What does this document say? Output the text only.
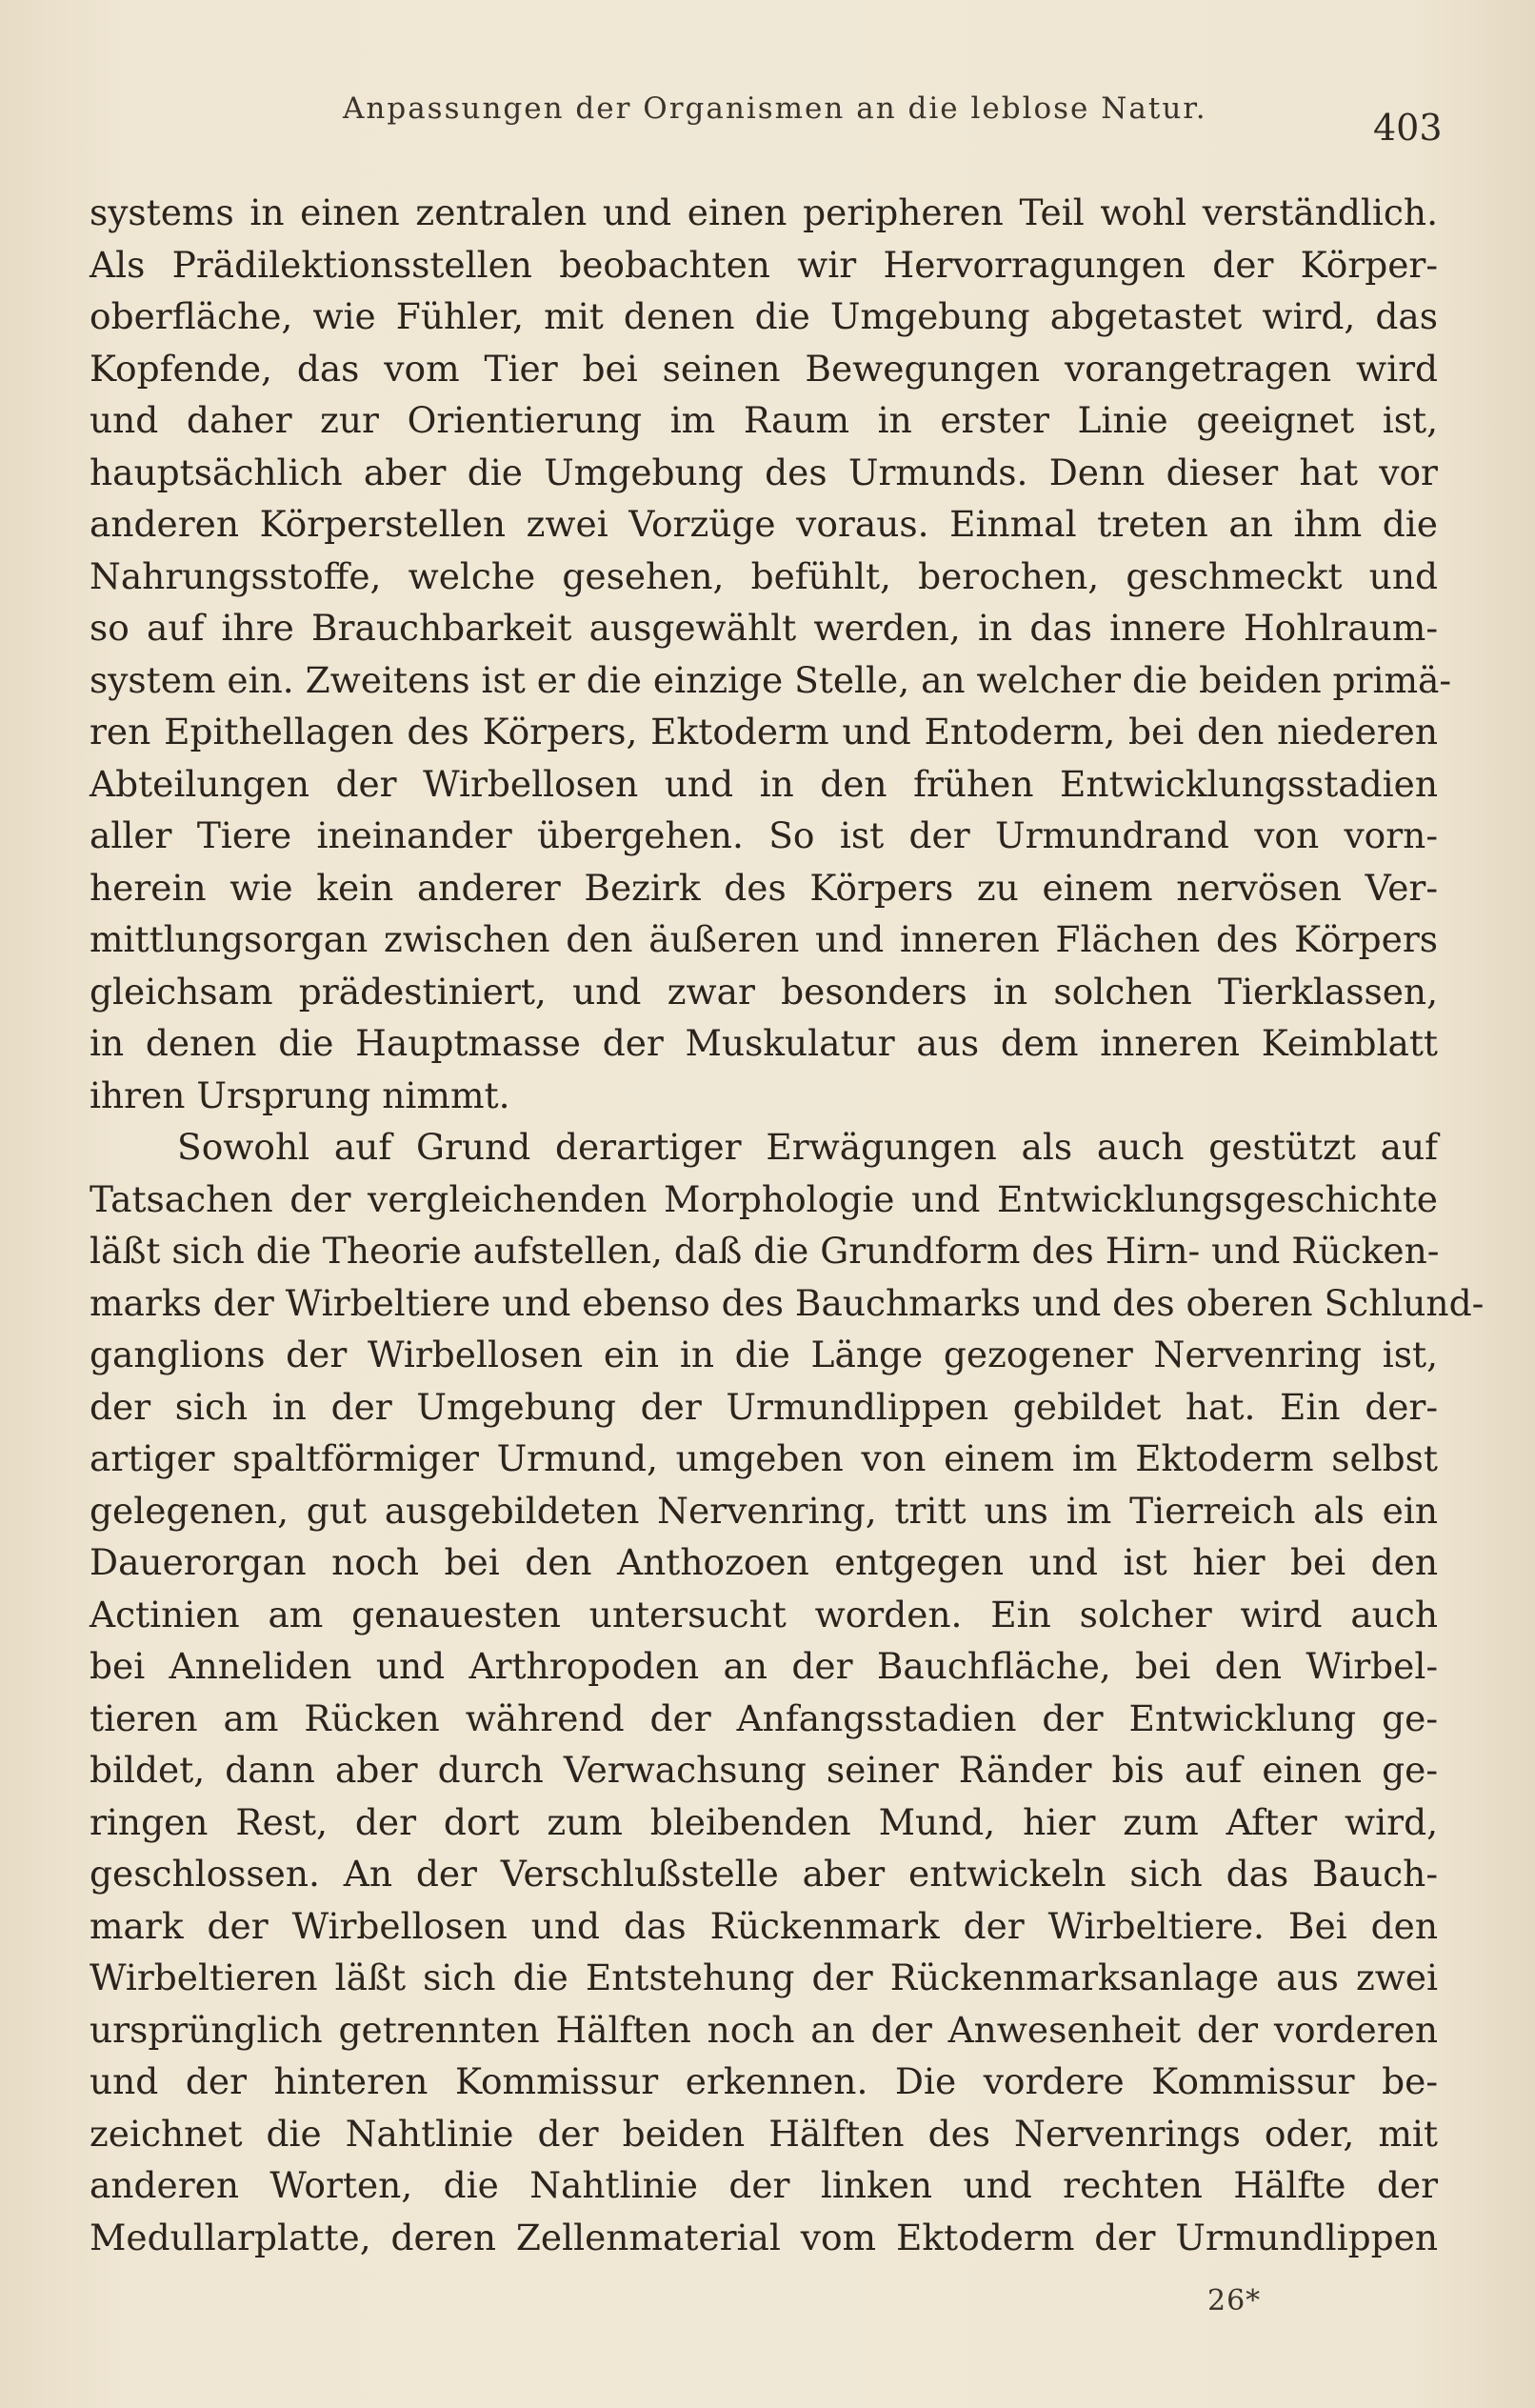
Anpassungen der Organismen an die leblose Natur.	403
systems in einen zentralen und einen peripheren Teil wohl verständlich.
Als Prädilektionsstellen beobachten wir Hervorragungen der Körper-
oberfläche, wie Fühler, mit denen die Umgebung abgetastet wird, das
Kopfende, das vom Tier bei seinen Bewegungen vorangetragen wird
und daher zur Orientierung im Raum in erster Linie geeignet ist,
hauptsächlich aber die Umgebung des Urmunds. Denn dieser hat vor
anderen Körperstellen zwei Vorzüge voraus. Einmal treten an ihm die
Nahrungsstoffe, welche gesehen, befühlt, berochen, geschmeckt und
so auf ihre Brauchbarkeit ausgewählt werden, in das innere Hohlraum-
system ein. Zweitens ist er die einzige Stelle, an welcher die beiden primä-
ren Epithellagen des Körpers, Ektoderm und Entoderm, bei den niederen
Abteilungen der Wirbellosen und in den frühen Entwicklungsstadien
aller Tiere ineinander übergehen. So ist der Urmundrand von vorn-
herein wie kein anderer Bezirk des Körpers zu einem nervösen Ver-
mittlungsorgan zwischen den äußeren und inneren Flächen des Körpers
gleichsam prädestiniert, und zwar besonders in solchen Tierklassen,
in denen die Hauptmasse der Muskulatur aus dem inneren Keimblatt
ihren Ursprung nimmt.
Sowohl auf Grund derartiger Erwägungen als auch gestützt auf
Tatsachen der vergleichenden Morphologie und Entwicklungsgeschichte
läßt sich die Theorie aufstellen, daß die Grundform des Hirn- und Rücken-
marks der Wirbeltiere und ebenso des Bauchmarks und des oberen Schlund-
ganglions der Wirbellosen ein in die Länge gezogener Nervenring ist,
der sich in der Umgebung der Urmundlippen gebildet hat. Ein der-
artiger spaltförmiger Urmund, umgeben von einem im Ektoderm selbst
gelegenen, gut ausgebildeten Nervenring, tritt uns im Tierreich als ein
Dauerorgan noch bei den Anthozoen entgegen und ist hier bei den
Actinien am genauesten untersucht worden. Ein solcher wird auch
bei Anneliden und Arthropoden an der Bauchfläche, bei den Wirbel-
tieren am Rücken während der Anfangsstadien der Entwicklung ge-
bildet, dann aber durch Verwachsung seiner Ränder bis auf einen ge-
ringen Rest, der dort zum bleibenden Mund, hier zum After wird,
geschlossen. An der Verschlußstelle aber entwickeln sich das Bauch-
mark der Wirbellosen und das Rückenmark der Wirbeltiere. Bei den
Wirbeltieren läßt sich die Entstehung der Rückenmarksanlage aus zwei
ursprünglich getrennten Hälften noch an der Anwesenheit der vorderen
und der hinteren Kommissur erkennen. Die vordere Kommissur be-
zeichnet die Nahtlinie der beiden Hälften des Nervenrings oder, mit
anderen Worten, die Nahtlinie der linken und rechten Hälfte der
Medullarplatte, deren Zellenmaterial vom Ektoderm der Urmundlippen
26*
